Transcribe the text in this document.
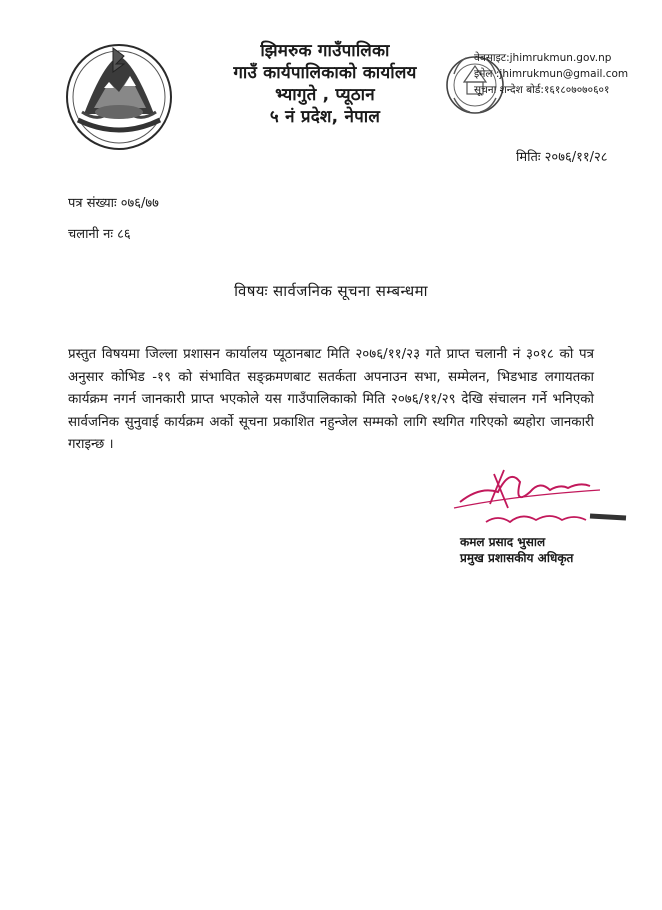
झिमरुक गाउँपालिका
गाउँ कार्यपालिकाको कार्यालय
भ्यागुते , प्यूठान
५ नं प्रदेश, नेपाल
वेबसाइट:jhimrukmun.gov.np
इमेल :jhimrukmun@gmail.com
सूचना शन्देश बोर्ड:१६१८०७०७०६०१
मितिः २०७६/११/२८
पत्र संख्याः ०७६/७७
चलानी नः ८६
विषयः सार्वजनिक सूचना सम्बन्धमा
प्रस्तुत विषयमा जिल्ला प्रशासन कार्यालय प्यूठानबाट मिति २०७६/११/२३ गते प्राप्त चलानी नं ३०१८ को पत्र अनुसार कोभिड -१९ को संभावित सङ्क्रमणबाट सतर्कता अपनाउन सभा, सम्मेलन, भिडभाड लगायतका कार्यक्रम नगर्न जानकारी प्राप्त भएकोले यस गाउँपालिकाको मिति २०७६/११/२९ देखि संचालन गर्ने भनिएको सार्वजनिक सुनुवाई कार्यक्रम अर्को सूचना प्रकाशित नहुन्जेल सम्मको लागि स्थगित गरिएको ब्यहोरा जानकारी गराइन्छ ।
कमल प्रसाद भुसाल
प्रमुख प्रशासकीय अधिकृत
